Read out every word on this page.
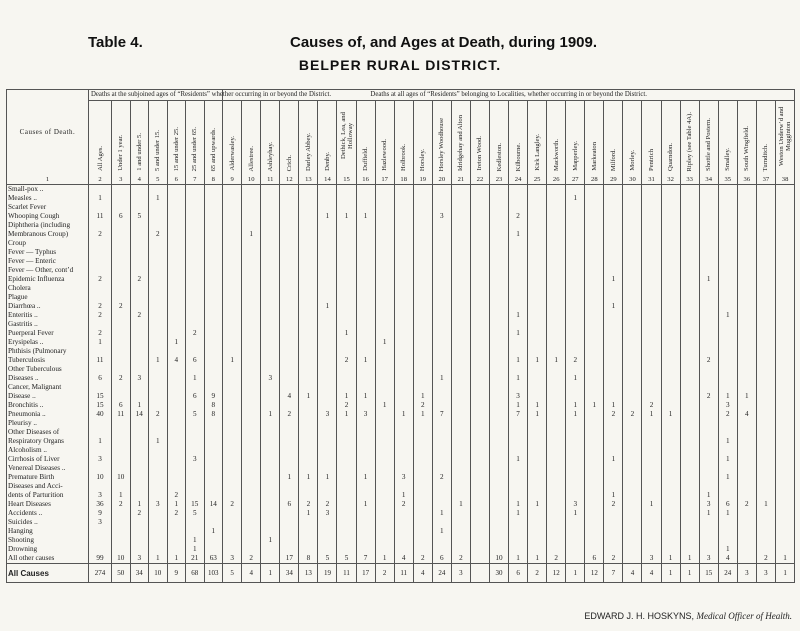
Table 4.	Causes of, and Ages at Death, during 1909.
BELPER RURAL DISTRICT.
Causes of Death.	Deaths at the subjoined ages of “Residents” whether occurring in or beyond the District.							Deaths at all ages of “Residents” belonging to Localities, whether occurring in or beyond the District.																													
	All Ages.	Under 1 year.	1 and under 5.	5 and under 15.	15 and under 25.	25 and under 65.	65 and upwards.	Alderwasley.	Allestree.	Ashleyhay.	Crich.	Darley Abbey.	Denby.	Dethick, Lea, and Holloway	Duffield.	Hazlewood.	Holbrook.	Horsley.	Horsley Woodhouse	Idridgehay and Alton	Ireton Wood.	Kedleston.	Kilbourne.	Kirk Langley.	Mackworth.	Mapperley.	Markeaton	Milford.	Morley.	Pentrich	Quarndon.	Ripley (see Table 4A).	Shottle and Postern.	Smalley.	South Wingfield.	Turnditch.	Weston Underw’d and Mugginton
1	2	3	4	5	6	7	8	9	10	11	12	13	14	15	16	17	18	19	20	21	22	23	24	25	26	27	28	29	30	31	32	33	34	35	36	37	38
Small-pox ..																																					
Measles ..	1			1																						1											
Scarlet Fever																																					
Whooping Cough	11	6	5										1	1	1				3				2														
Diphtheria (including																																					
Membranous Croup)	2			2					1														1														
Croup																																					
Fever — Typhus																																					
Fever — Enteric																																					
Fever — Other, cont’d																																					
Epidemic Influenza	2		2																									1					1				
Cholera																																					
Plague																																					
Diarrhœa ..	2	2											1															1									
Enteritis ..	2		2																				1											1			
Gastritis ..																																					
Puerperal Fever	2					2								1									1														
Erysipelas ..	1				1											1																					
Phthisis (Pulmonary																																					
Tuberculosis	11			1	4	6		1						2	1								1	1	1	2							2				
Other Tuberculous																																					
Diseases ..	6	2	3			1				3									1				1			1											
Cancer, Malignant																																					
Disease ..	15					6	9				4	1		1	1			1					3										2	1	1		
Bronchitis ..	15	6	1				8							2		1		2					1	1		1	1	1		2				3			
Pneumonia ..	40	11	14	2		5	8			1	2		3	1	3		1	1	7				7	1		1		2	2	1	1			2	4		
Pleurisy ..																																					
Other Diseases of																																					
Respiratory Organs	1			1																														1			
Alcoholism ..																																					
Cirrhosis of Liver	3					3																	1					1						1			
Venereal Diseases ..																																					
Premature Birth	10	10									1	1	1		1		3		2															1			
Diseases and Acci-																																					
dents of Parturition	3	1			2												1											1					1				
Heart Diseases	36	2	1	3	1	15	14	2			6	2	2		1		2			1			1	1		3		2		1			3	6	2	1	
Accidents ..	9		2		2	5						1	3						1				1			1							1	1			
Suicides ..	3																																				
Hanging							1												1																		
Shooting						1				1																											
Drowning						1																												1			
All other causes	99	10	3	1	1	21	63	3	2		17	8	5	5	7	1	4	2	6	2		10	1	1	2		6	2		3	1	1	3	4		2	1
All Causes	274	50	34	10	9	68	103	5	4	1	34	13	19	11	17	2	11	4	24	3		30	6	2	12	1	12	7	4	4	1	1	15	24	3	3	1
EDWARD J. H. HOSKYNS, Medical Officer of Health.
